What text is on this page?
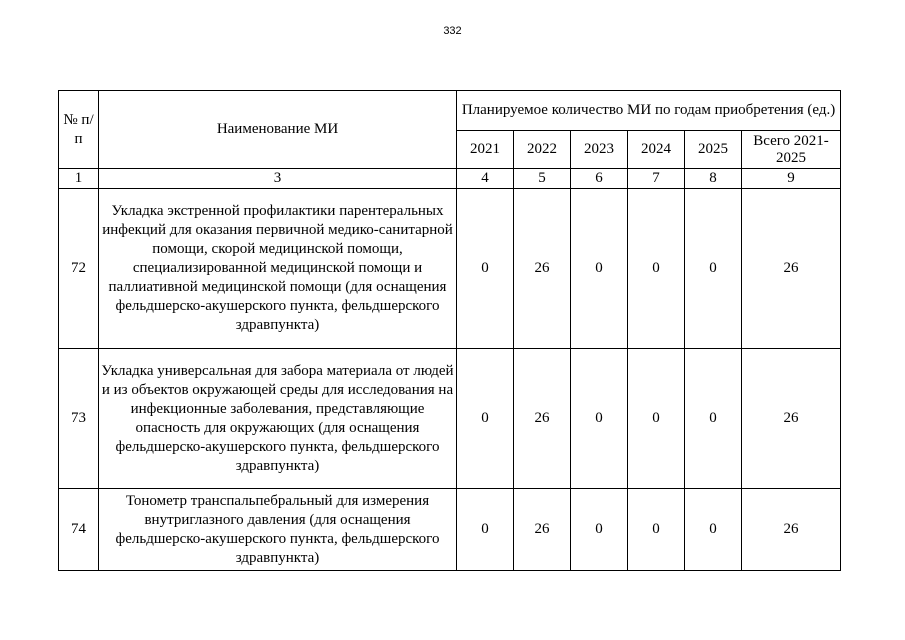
332
№ п/п	Наименование МИ	Планируемое количество МИ по годам приобретения (ед.)					
		2021	2022	2023	2024	2025	Всего 2021-2025
1	3	4	5	6	7	8	9
72	Укладка экстренной профилактики парентеральных инфекций для оказания первичной медико-санитарной помощи, скорой медицинской помощи, специализированной медицинской помощи и паллиативной медицинской помощи (для оснащения фельдшерско-акушерского пункта, фельдшерского здравпункта)	0	26	0	0	0	26
73	Укладка универсальная для забора материала от людей и из объектов окружающей среды для исследования на инфекционные заболевания, представляющие опасность для окружающих (для оснащения фельдшерско-акушерского пункта, фельдшерского здравпункта)	0	26	0	0	0	26
74	Тонометр транспальпебральный для измерения внутриглазного давления (для оснащения фельдшерско-акушерского пункта, фельдшерского здравпункта)	0	26	0	0	0	26
